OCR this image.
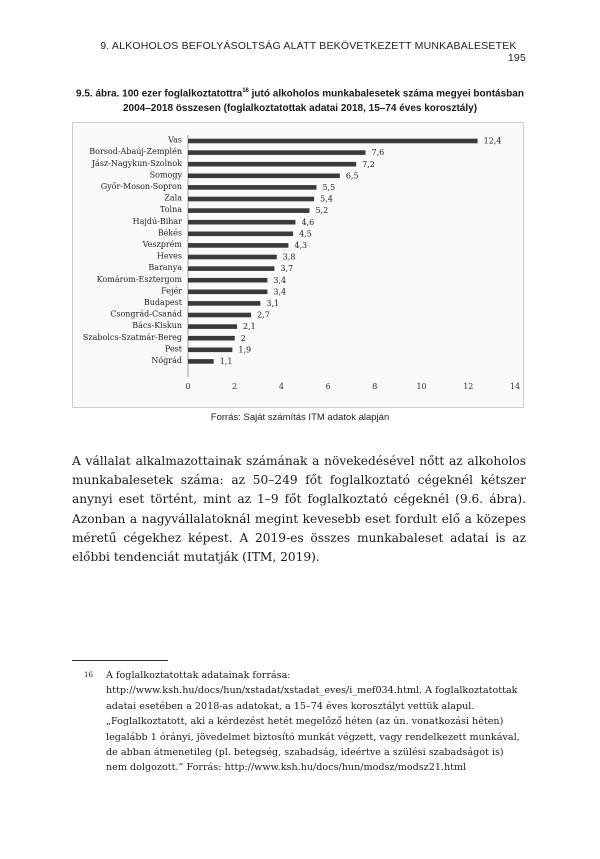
9. ALKOHOLOS BEFOLYÁSOLTSÁG ALATT BEKÖVETKEZETT MUNKABALESETEK    195
9.5. ábra. 100 ezer foglalkoztatottra$^{16}$ jutó alkoholos munkabalesetek száma megyei bontásban 2004–2018 összesen (foglalkoztatottak adatai 2018, 15–74 éves korosztály)
Vas	12,4
Borsod-Abaúj-Zemplén	7,6
Jász-Nagykun-Szolnok	7,2
Somogy	6,5
Győr-Moson-Sopron	5,5
Zala	5,4
Tolna	5,2
Hajdú-Bihar	4,6
Békés	4,5
Veszprém	4,3
Heves	3,8
Baranya	3,7
Komárom-Esztergom	3,4
Fejér	3,4
Budapest	3,1
Csongrád-Csanád	2,7
Bács-Kiskun	2,1
Szabolcs-Szatmár-Bereg	2
Pest	1,9
Nógrád	1,1
0	2	4	6	8	10	12	14
Forrás: Saját számítás ITM adatok alapján
A vállalat alkalmazottainak számának a növekedésével nőtt az alkoholos munkabalesetek száma: az 50–249 főt foglalkoztató cégeknél kétszer anynyi eset történt, mint az 1–9 főt foglalkoztató cégeknél (9.6. ábra). Azonban a nagyvállalatoknál megint kevesebb eset fordult elő a közepes méretű cégekhez képest. A 2019-es összes munkabaleset adatai is az előbbi tendenciát mutatják (ITM, 2019).
16 A foglalkoztatottak adatainak forrása: http://www.ksh.hu/docs/hun/xstadat/xstadat_eves/i_mef034.html. A foglalkoztatottak adatai esetében a 2018-as adatokat, a 15–74 éves korosztályt vettük alapul. „Foglalkoztatott, aki a kérdezést hetét megelőző héten (az ún. vonatkozási héten) legalább 1 órányi, jövedelmet biztosító munkát végzett, vagy rendelkezett munkával, de abban átmenetileg (pl. betegség, szabadság, ideértve a szülési szabadságot is) nem dolgozott.” Forrás: http://www.ksh.hu/docs/hun/modsz/modsz21.html
